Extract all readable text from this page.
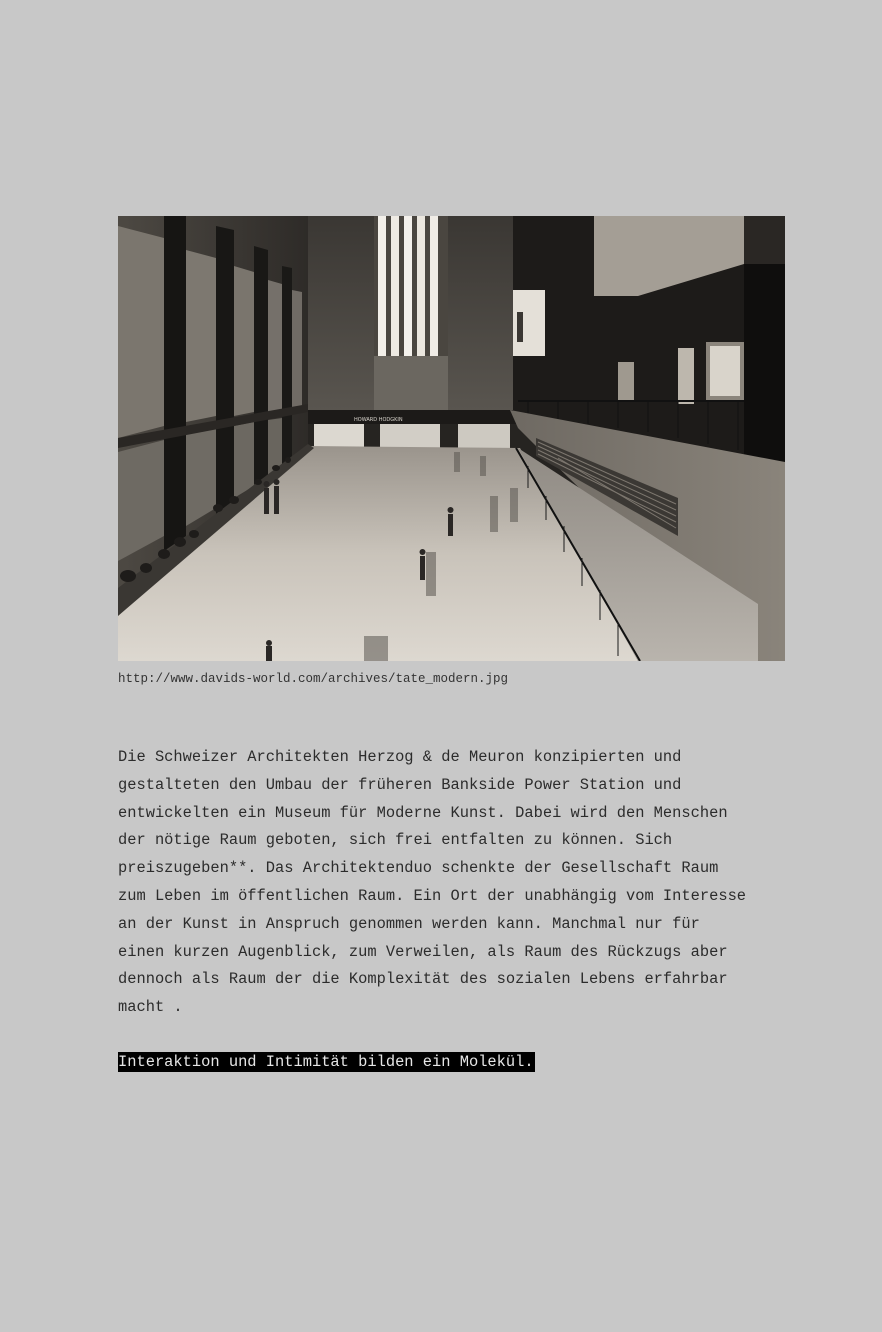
HOWARD HODGKIN
http://www.davids-world.com/archives/tate_modern.jpg

Die Schweizer Architekten Herzog & de Meuron konzipierten und
gestalteten den Umbau der früheren Bankside Power Station und
entwickelten ein Museum für Moderne Kunst. Dabei wird den Menschen
der nötige Raum geboten, sich frei entfalten zu können. Sich
preiszugeben**. Das Architektenduo schenkte der Gesellschaft Raum
zum Leben im öffentlichen Raum. Ein Ort der unabhängig vom Interesse
an der Kunst in Anspruch genommen werden kann. Manchmal nur für
einen kurzen Augenblick, zum Verweilen, als Raum des Rückzugs aber
dennoch als Raum der die Komplexität des sozialen Lebens erfahrbar
macht .

Interaktion und Intimität bilden ein Molekül.
